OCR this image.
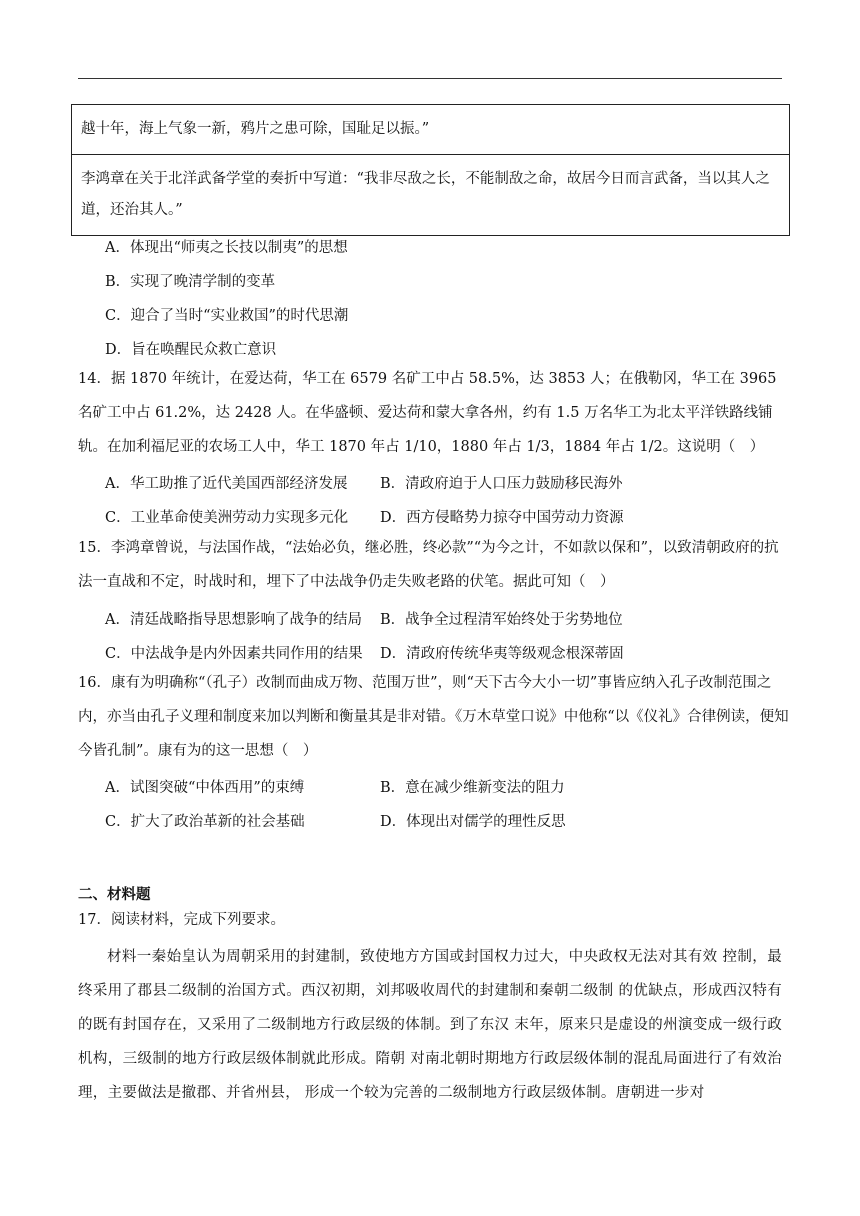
越十年，海上气象一新，鸦片之患可除，国耻足以振。”
李鸿章在关于北洋武备学堂的奏折中写道：“我非尽敌之长，不能制敌之命，故居今日而言武备，当以其人之道，还治其人。”
A．体现出“师夷之长技以制夷”的思想
B．实现了晚清学制的变革
C．迎合了当时“实业救国”的时代思潮
D．旨在唤醒民众救亡意识
14．据 1870 年统计，在爱达荷，华工在 6579 名矿工中占 58.5%，达 3853 人；在俄勒冈，华工在 3965 名矿工中占 61.2%，达 2428 人。在华盛顿、爱达荷和蒙大拿各州，约有 1.5 万名华工为北太平洋铁路线铺轨。在加利福尼亚的农场工人中，华工 1870 年占 1/10，1880 年占 1/3，1884 年占 1/2。这说明（　）
A．华工助推了近代美国西部经济发展 B．清政府迫于人口压力鼓励移民海外
C．工业革命使美洲劳动力实现多元化 D．西方侵略势力掠夺中国劳动力资源
15．李鸿章曾说，与法国作战，“法始必负，继必胜，终必款”“为今之计，不如款以保和”，以致清朝政府的抗法一直战和不定，时战时和，埋下了中法战争仍走失败老路的伏笔。据此可知（　）
A．清廷战略指导思想影响了战争的结局 B．战争全过程清军始终处于劣势地位
C．中法战争是内外因素共同作用的结果 D．清政府传统华夷等级观念根深蒂固
16．康有为明确称“（孔子）改制而曲成万物、范围万世”，则“天下古今大小一切”事皆应纳入孔子改制范围之内，亦当由孔子义理和制度来加以判断和衡量其是非对错。《万木草堂口说》中他称“以《仪礼》合律例读，便知今皆孔制”。康有为的这一思想（　）
A．试图突破“中体西用”的束缚	B．意在减少维新变法的阻力
C．扩大了政治革新的社会基础	D．体现出对儒学的理性反思
二、材料题
17．阅读材料，完成下列要求。
材料一秦始皇认为周朝采用的封建制，致使地方方国或封国权力过大，中央政权无法对其有效 控制，最终采用了郡县二级制的治国方式。西汉初期，刘邦吸收周代的封建制和秦朝二级制 的优缺点，形成西汉特有的既有封国存在，又采用了二级制地方行政层级的体制。到了东汉 末年，原来只是虚设的州演变成一级行政机构，三级制的地方行政层级体制就此形成。隋朝 对南北朝时期地方行政层级体制的混乱局面进行了有效治理，主要做法是撤郡、并省州县， 形成一个较为完善的二级制地方行政层级体制。唐朝进一步对
